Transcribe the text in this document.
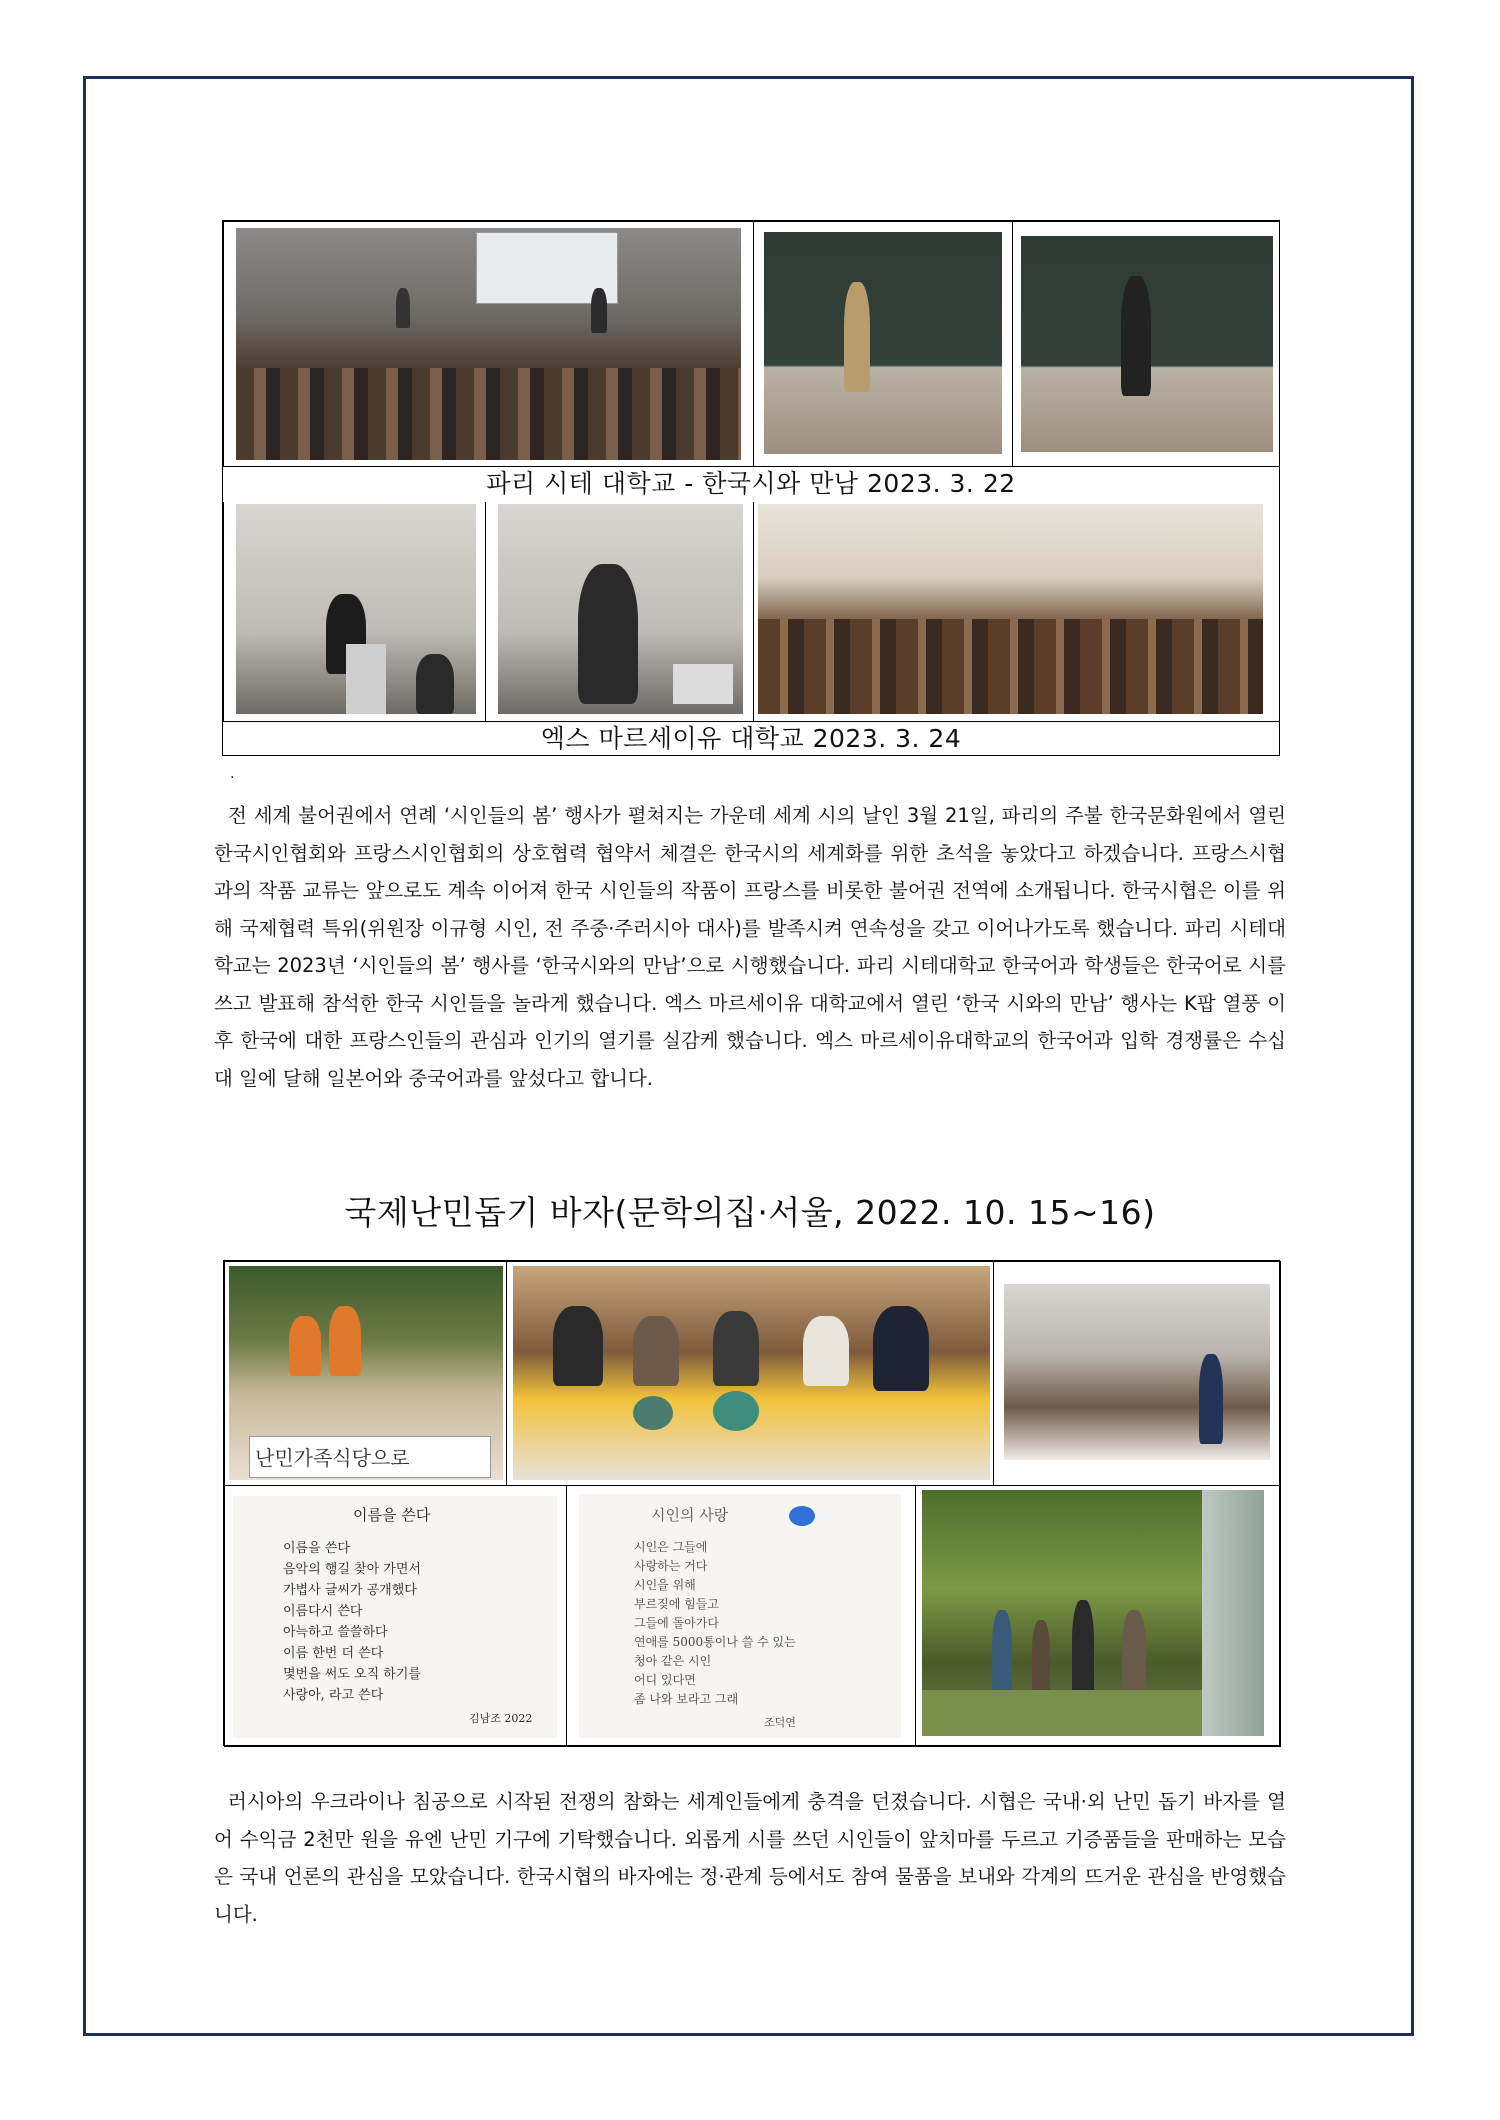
파리 시테 대학교 - 한국시와 만남 2023. 3. 22
엑스 마르세이유 대학교 2023. 3. 24
·

전 세계 불어권에서 연례 ‘시인들의 봄’ 행사가 펼쳐지는 가운데 세계 시의 날인 3월 21일, 파리의 주불 한국문화원에서 열린 한국시인협회와 프랑스시인협회의 상호협력 협약서 체결은 한국시의 세계화를 위한 초석을 놓았다고 하겠습니다. 프랑스시협과의 작품 교류는 앞으로도 계속 이어져 한국 시인들의 작품이 프랑스를 비롯한 불어권 전역에 소개됩니다. 한국시협은 이를 위해 국제협력 특위(위원장 이규형 시인, 전 주중·주러시아 대사)를 발족시켜 연속성을 갖고 이어나가도록 했습니다. 파리 시테대학교는 2023년 ‘시인들의 봄’ 행사를 ‘한국시와의 만남’으로 시행했습니다. 파리 시테대학교 한국어과 학생들은 한국어로 시를 쓰고 발표해 참석한 한국 시인들을 놀라게 했습니다. 엑스 마르세이유 대학교에서 열린 ‘한국 시와의 만남’ 행사는 K팝 열풍 이후 한국에 대한 프랑스인들의 관심과 인기의 열기를 실감케 했습니다. 엑스 마르세이유대학교의 한국어과 입학 경쟁률은 수십 대 일에 달해 일본어와 중국어과를 앞섰다고 합니다.

국제난민돕기 바자(문학의집·서울, 2022. 10. 15~16)
난민가족식당으로
이름을 쓴다
이름을 쓴다
음악의 행길 찾아 가면서
가볍사 글씨가 공개했다
이름다시 쓴다
아늑하고 쓸쓸하다
이름 한번 더 쓴다
몇번을 써도 오직 하기를
사랑아, 라고 쓴다
김남조 2022
시인의 사랑
시인은 그들에
사랑하는 거다
시인을 위해
부르짖에 힘들고
그들에 돌아가다
연애를 5000통이나 쓸 수 있는
청아 같은 시인
어디 있다면
좀 나와 보라고 그래
조덕연

러시아의 우크라이나 침공으로 시작된 전쟁의 참화는 세계인들에게 충격을 던졌습니다. 시협은 국내·외 난민 돕기 바자를 열어 수익금 2천만 원을 유엔 난민 기구에 기탁했습니다. 외롭게 시를 쓰던 시인들이 앞치마를 두르고 기증품들을 판매하는 모습은 국내 언론의 관심을 모았습니다. 한국시협의 바자에는 정·관계 등에서도 참여 물품을 보내와 각계의 뜨거운 관심을 반영했습니다.
